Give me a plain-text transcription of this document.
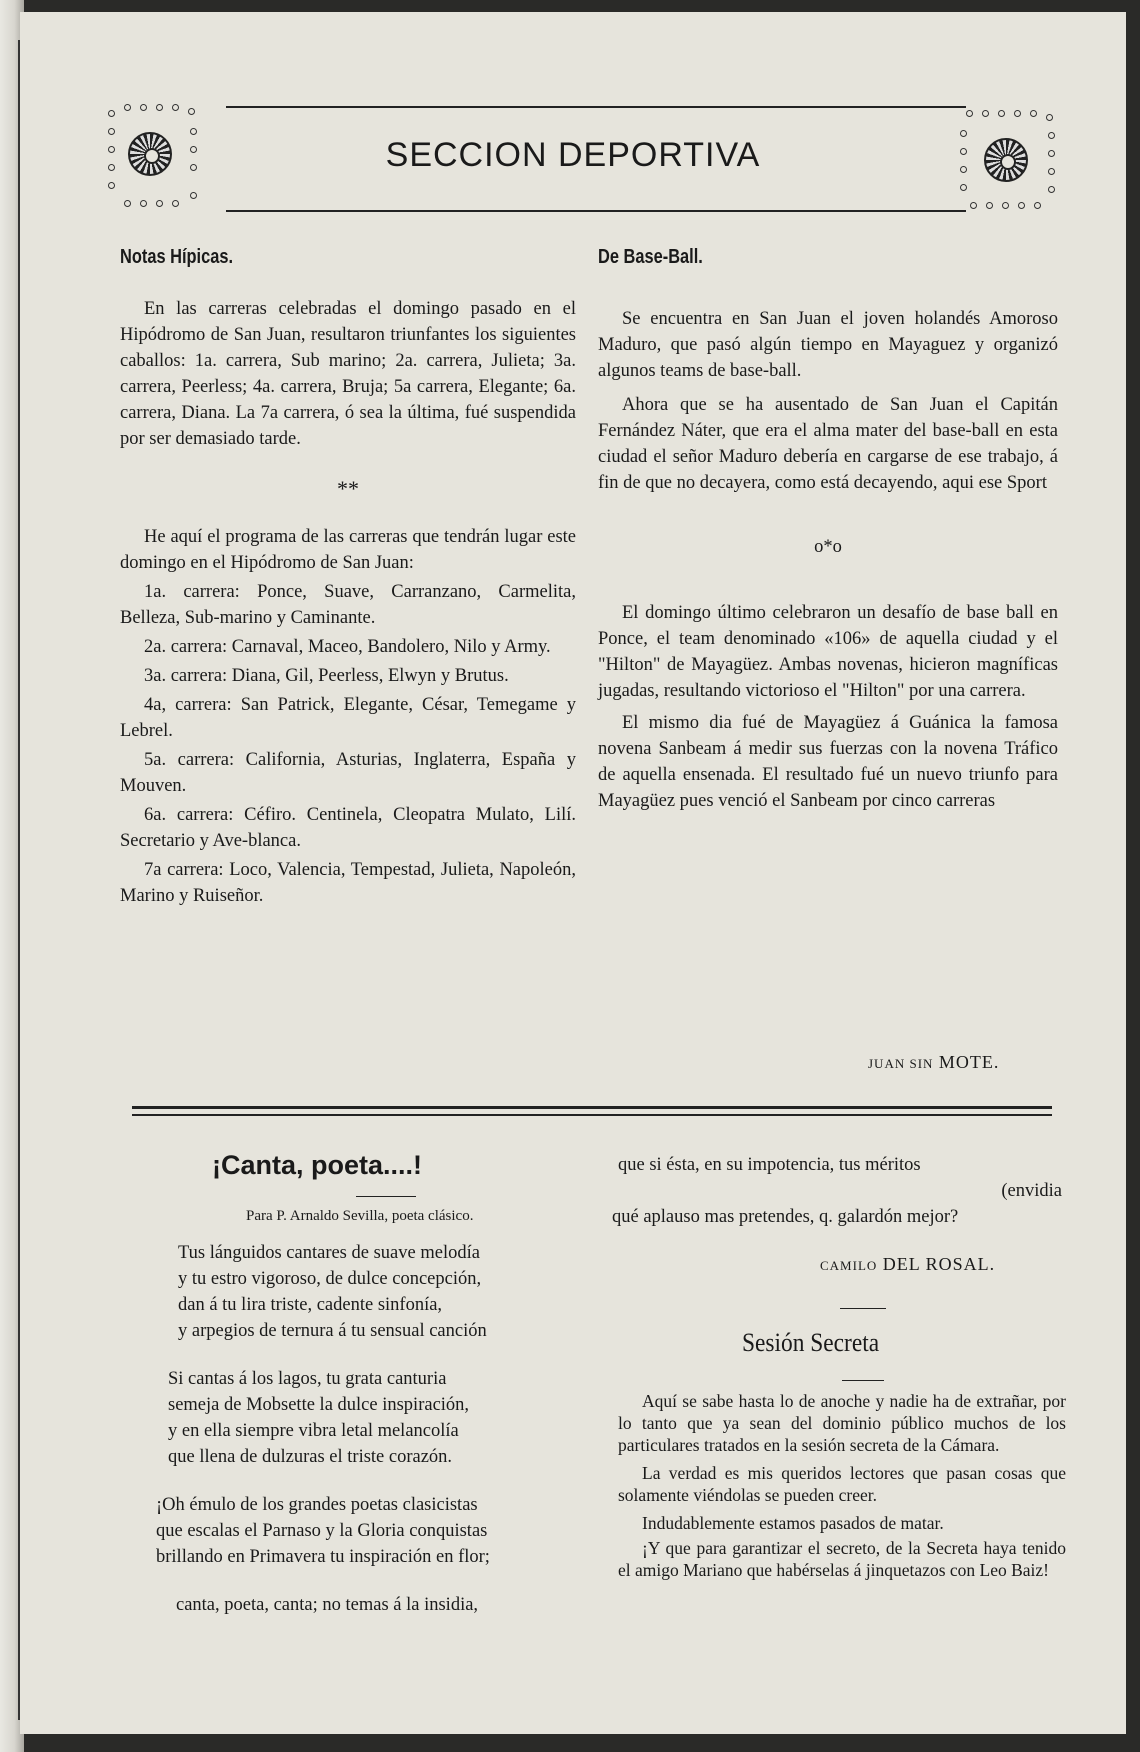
SECCION DEPORTIVA
Notas Hípicas.

En las carreras celebradas el domingo pasado en el Hipódromo de San Juan, resultaron triunfantes los siguientes caballos: 1a. carrera, Sub marino; 2a. carrera, Julieta; 3a. carrera, Peerless; 4a. carrera, Bruja; 5a carrera, Elegante; 6a. carrera, Diana. La 7a carrera, ó sea la última, fué suspendida por ser demasiado tarde.

**

He aquí el programa de las carreras que tendrán lugar este domingo en el Hipódromo de San Juan:

1a. carrera: Ponce, Suave, Carranzano, Carmelita, Belleza, Sub-marino y Caminante.

2a. carrera: Carnaval, Maceo, Bandolero, Nilo y Army.

3a. carrera: Diana, Gil, Peerless, Elwyn y Brutus.

4a, carrera: San Patrick, Elegante, César, Temegame y Lebrel.

5a. carrera: California, Asturias, Inglaterra, España y Mouven.

6a. carrera: Céfiro. Centinela, Cleopatra Mulato, Lilí. Secretario y Ave-blanca.

7a carrera: Loco, Valencia, Tempestad, Julieta, Napoleón, Marino y Ruiseñor.

De Base-Ball.

Se encuentra en San Juan el joven holandés Amoroso Maduro, que pasó algún tiempo en Mayaguez y organizó algunos teams de base-ball.

Ahora que se ha ausentado de San Juan el Capitán Fernández Náter, que era el alma mater del base-ball en esta ciudad el señor Maduro debería en cargarse de ese trabajo, á fin de que no decayera, como está decayendo, aqui ese Sport

o*o

El domingo último celebraron un desafío de base ball en Ponce, el team denominado «106» de aquella ciudad y el "Hilton" de Mayagüez. Ambas novenas, hicieron magníficas jugadas, resultando victorioso el "Hilton" por una carrera.

El mismo dia fué de Mayagüez á Guánica la famosa novena Sanbeam á medir sus fuerzas con la novena Tráfico de aquella ensenada. El resultado fué un nuevo triunfo para Mayagüez pues venció el Sanbeam por cinco carreras

JUAN SIN MOTE.
¡Canta, poeta....!
Para P. Arnaldo Sevilla, poeta clásico.

Tus lánguidos cantares de suave melodía
y tu estro vigoroso, de dulce concepción,
dan á tu lira triste, cadente sinfonía,
y arpegios de ternura á tu sensual canción

Si cantas á los lagos, tu grata canturia
semeja de Mobsette la dulce inspiración,
y en ella siempre vibra letal melancolía
que llena de dulzuras el triste corazón.

¡Oh émulo de los grandes poetas clasicistas
que escalas el Parnaso y la Gloria conquistas
brillando en Primavera tu inspiración en flor;

canta, poeta, canta; no temas á la insidia,

que si ésta, en su impotencia, tus méritos
(envidia
qué aplauso mas pretendes, q. galardón mejor?
CAMILO DEL ROSAL.
Sesión Secreta

Aquí se sabe hasta lo de anoche y nadie ha de extrañar, por lo tanto que ya sean del dominio público muchos de los particulares tratados en la sesión secreta de la Cámara.

La verdad es mis queridos lectores que pasan cosas que solamente viéndolas se pueden creer.

Indudablemente estamos pasados de matar.

¡Y que para garantizar el secreto, de la Secreta haya tenido el amigo Mariano que habérselas á jinquetazos con Leo Baiz!
